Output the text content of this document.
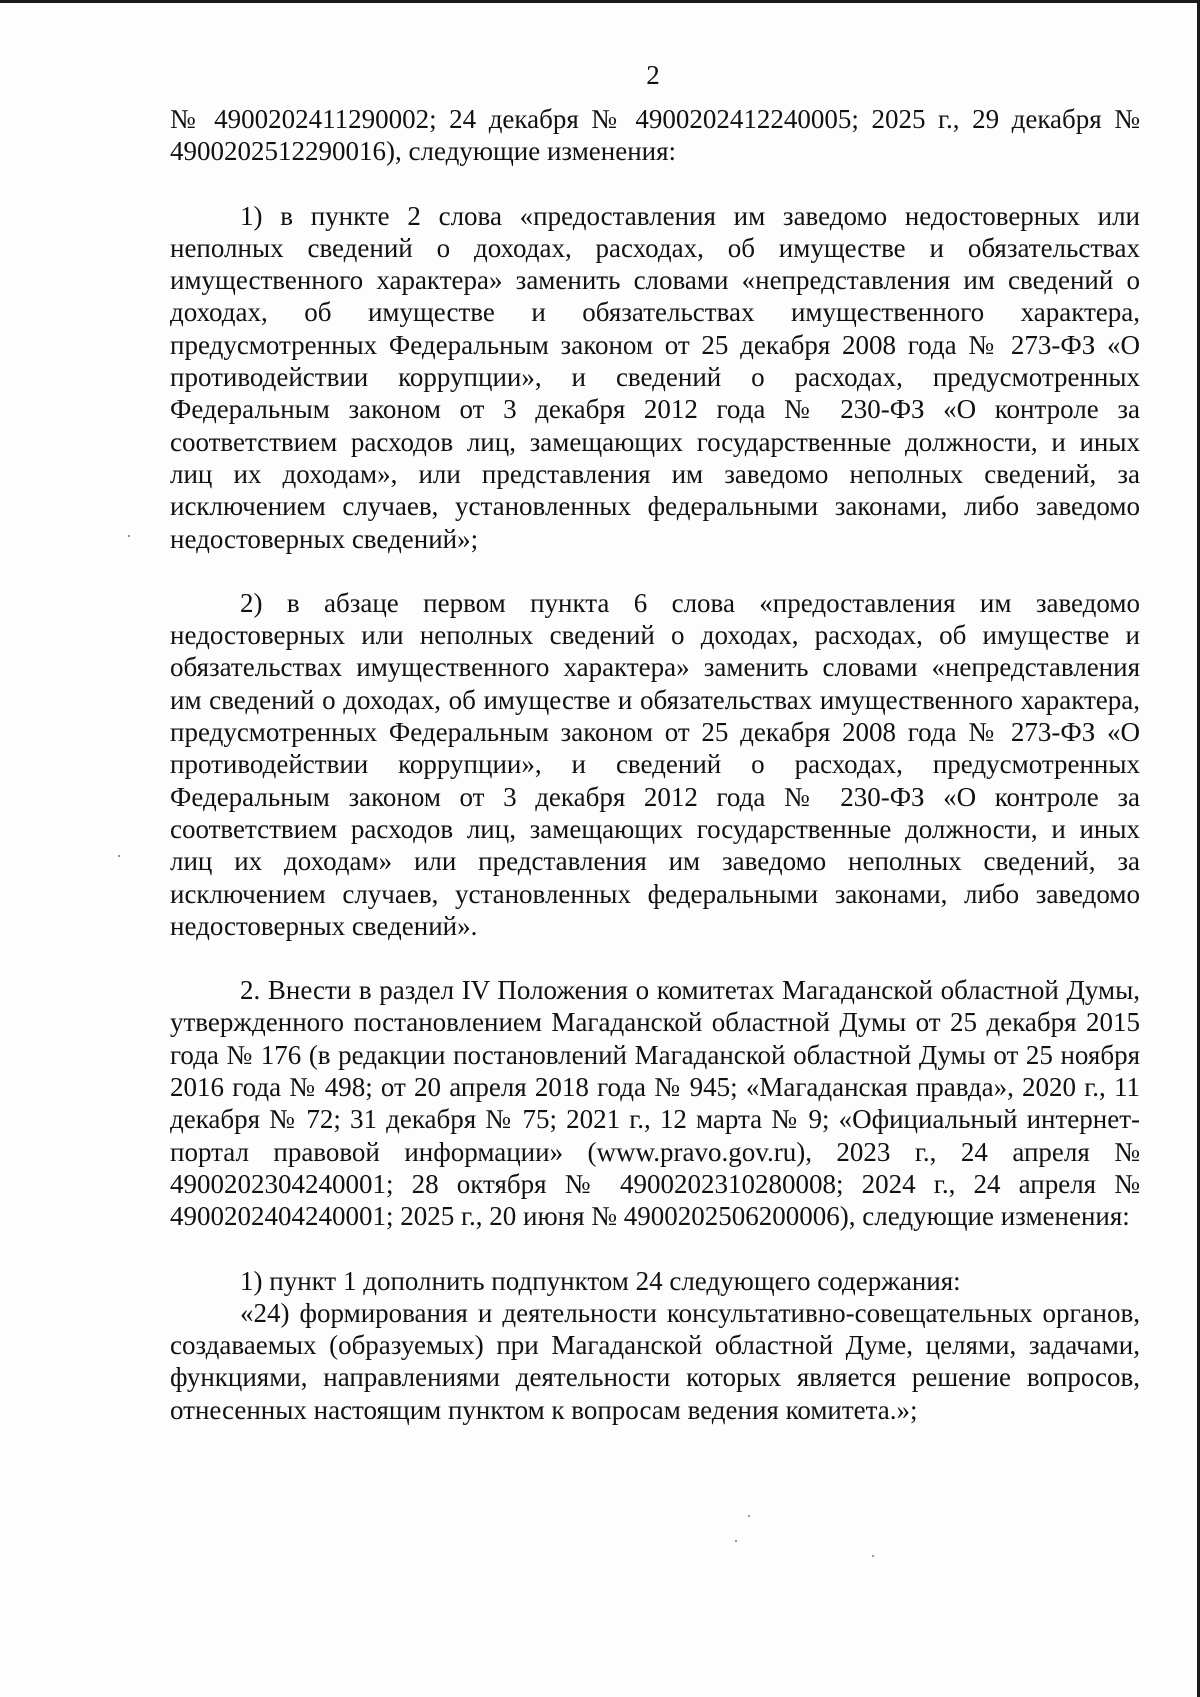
2

№ 4900202411290002; 24 декабря № 4900202412240005; 2025 г., 29 декабря № 4900202512290016), следующие изменения:

1) в пункте 2 слова «предоставления им заведомо недостоверных или неполных сведений о доходах, расходах, об имуществе и обязательствах имущественного характера» заменить словами «непредставления им сведений о доходах, об имуществе и обязательствах имущественного характера, предусмотренных Федеральным законом от 25 декабря 2008 года № 273-ФЗ «О противодействии коррупции», и сведений о расходах, предусмотренных Федеральным законом от 3 декабря 2012 года № 230-ФЗ «О контроле за соответствием расходов лиц, замещающих государственные должности, и иных лиц их доходам», или представления им заведомо неполных сведений, за исключением случаев, установленных федеральными законами, либо заведомо недостоверных сведений»;

2) в абзаце первом пункта 6 слова «предоставления им заведомо недостоверных или неполных сведений о доходах, расходах, об имуществе и обязательствах имущественного характера» заменить словами «непредставления им сведений о доходах, об имуществе и обязательствах имущественного характера, предусмотренных Федеральным законом от 25 декабря 2008 года № 273-ФЗ «О противодействии коррупции», и сведений о расходах, предусмотренных Федеральным законом от 3 декабря 2012 года № 230-ФЗ «О контроле за соответствием расходов лиц, замещающих государственные должности, и иных лиц их доходам» или представления им заведомо неполных сведений, за исключением случаев, установленных федеральными законами, либо заведомо недостоверных сведений».

2. Внести в раздел IV Положения о комитетах Магаданской областной Думы, утвержденного постановлением Магаданской областной Думы от 25 декабря 2015 года № 176 (в редакции постановлений Магаданской областной Думы от 25 ноября 2016 года № 498; от 20 апреля 2018 года № 945; «Магаданская правда», 2020 г., 11 декабря № 72; 31 декабря № 75; 2021 г., 12 марта № 9; «Официальный интернет-портал правовой информации» (www.pravo.gov.ru), 2023 г., 24 апреля № 4900202304240001; 28 октября № 4900202310280008; 2024 г., 24 апреля № 4900202404240001; 2025 г., 20 июня № 4900202506200006), следующие изменения:

1) пункт 1 дополнить подпунктом 24 следующего содержания:

«24) формирования и деятельности консультативно-совещательных органов, создаваемых (образуемых) при Магаданской областной Думе, целями, задачами, функциями, направлениями деятельности которых является решение вопросов, отнесенных настоящим пунктом к вопросам ведения комитета.»;
